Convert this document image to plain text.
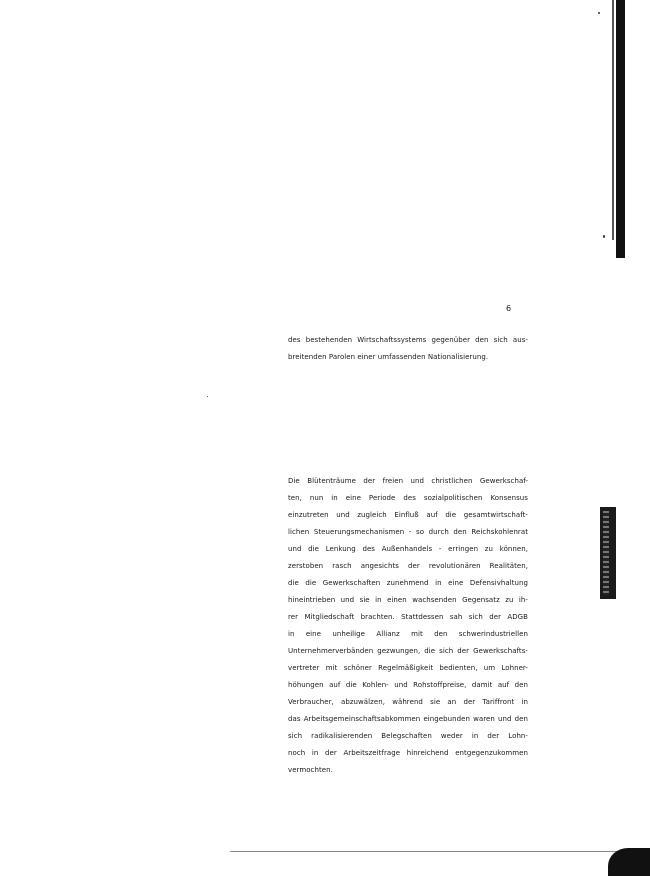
6
des bestehenden Wirtschaftssystems gegenüber den sich aus-
breitenden Parolen einer umfassenden Nationalisierung.
Die Blütenträume der freien und christlichen Gewerkschaf-
ten, nun in eine Periode des sozialpolitischen Konsensus
einzutreten und zugleich Einfluß auf die gesamtwirtschaft-
lichen Steuerungsmechanismen - so durch den Reichskohlenrat
und die Lenkung des Außenhandels - erringen zu können,
zerstoben rasch angesichts der revolutionären Realitäten,
die die Gewerkschaften zunehmend in eine Defensivhaltung
hineintrieben und sie in einen wachsenden Gegensatz zu ih-
rer Mitgliedschaft brachten. Stattdessen sah sich der ADGB
in eine unheilige Allianz mit den schwerindustriellen
Unternehmerverbänden gezwungen, die sich der Gewerkschafts-
vertreter mit schöner Regelmäßigkeit bedienten, um Lohner-
höhungen auf die Kohlen- und Rohstoffpreise, damit auf den
Verbraucher, abzuwälzen, während sie an der Tariffront in
das Arbeitsgemeinschaftsabkommen eingebunden waren und den
sich radikalisierenden Belegschaften weder in der Lohn-
noch in der Arbeitszeitfrage hinreichend entgegenzukommen
vermochten.
